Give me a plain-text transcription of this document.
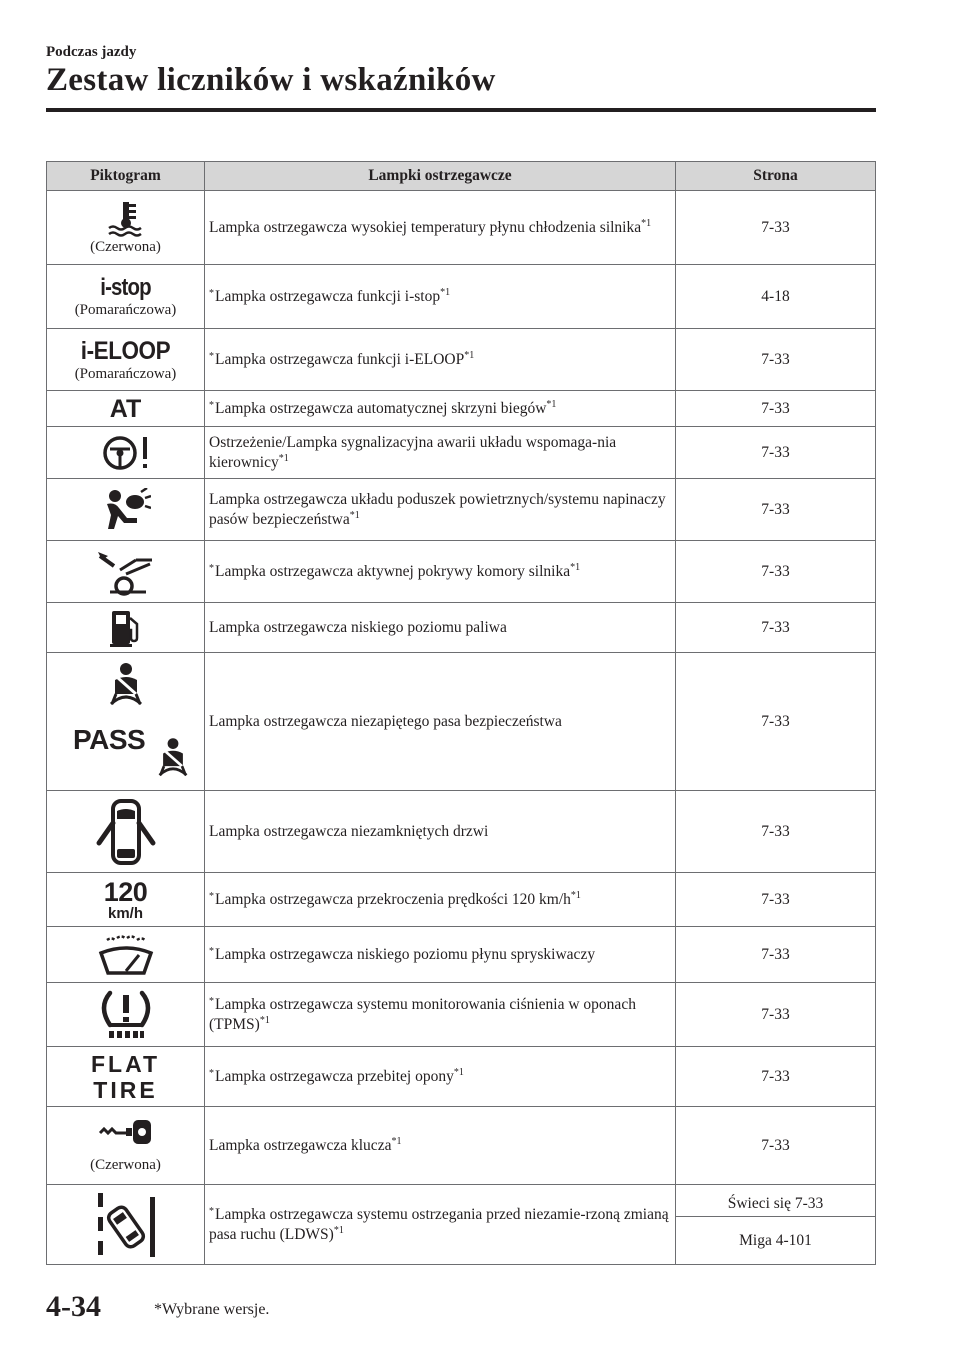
Podczas jazdy
Zestaw liczników i wskaźników
Piktogram	Lampki ostrzegawcze	Strona

(Czerwona)	Lampka ostrzegawcza wysokiej temperatury płynu chłodzenia silnika$^{*1}$	7-33

i-stop
(Pomarańczowa)	*Lampka ostrzegawcza funkcji i-stop$^{*1}$	4-18

i-ELOOP
(Pomarańczowa)	*Lampka ostrzegawcza funkcji i-ELOOP$^{*1}$	7-33

AT	*Lampka ostrzegawcza automatycznej skrzyni biegów$^{*1}$	7-33

	Ostrzeżenie/Lampka sygnalizacyjna awarii układu wspomaga-nia kierownicy$^{*1}$	7-33

	Lampka ostrzegawcza układu poduszek powietrznych/systemu napinaczy pasów bezpieczeństwa$^{*1}$	7-33

	*Lampka ostrzegawcza aktywnej pokrywy komory silnika$^{*1}$	7-33

	Lampka ostrzegawcza niskiego poziomu paliwa	7-33

PASS	Lampka ostrzegawcza niezapiętego pasa bezpieczeństwa	7-33

	Lampka ostrzegawcza niezamkniętych drzwi	7-33

120
km/h	*Lampka ostrzegawcza przekroczenia prędkości 120 $km/h^{*1}$	7-33

	*Lampka ostrzegawcza niskiego poziomu płynu spryskiwaczy	7-33

	*Lampka ostrzegawcza systemu monitorowania ciśnienia w oponach (TPMS)$^{*1}$	7-33

FLAT
TIRE	*Lampka ostrzegawcza przebitej opony$^{*1}$	7-33

(Czerwona)	Lampka ostrzegawcza klucza$^{*1}$	7-33

	*Lampka ostrzegawcza systemu ostrzegania przed niezamie-rzoną zmianą pasa ruchu (LDWS)$^{*1}$	Świeci się 7-33
		Miga 4-101
4-34	*Wybrane wersje.
